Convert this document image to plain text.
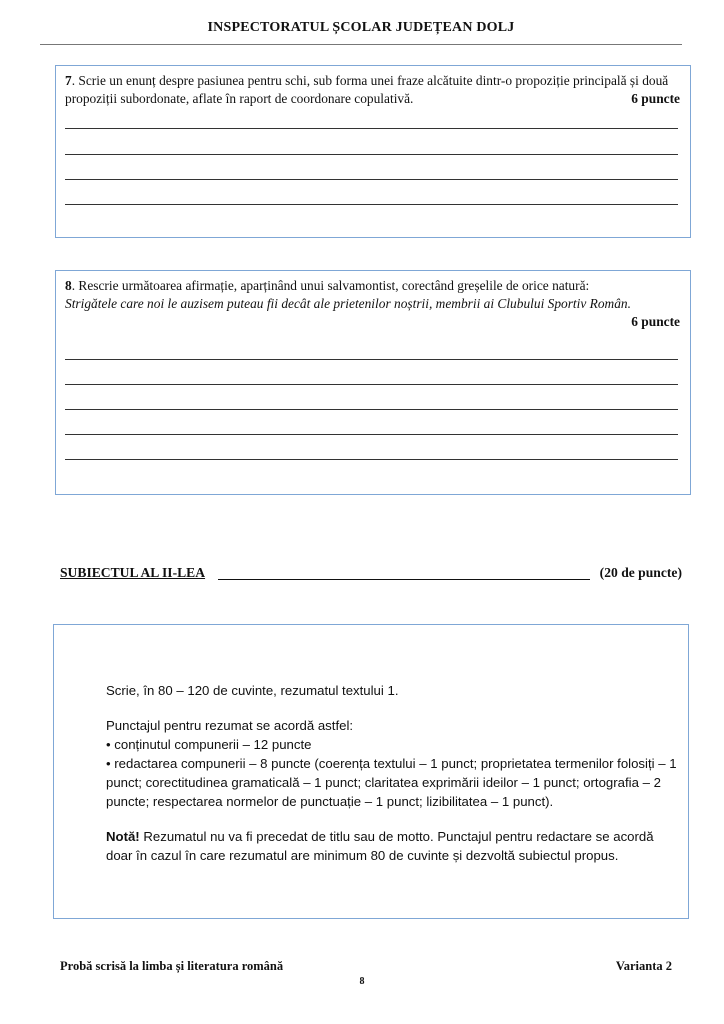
INSPECTORATUL ȘCOLAR JUDEȚEAN DOLJ
7. Scrie un enunț despre pasiunea pentru schi, sub forma unei fraze alcătuite dintr-o propoziție principală și două propoziții subordonate, aflate în raport de coordonare copulativă.	6 puncte
8. Rescrie următoarea afirmație, aparținând unui salvamontist, corectând greșelile de orice natură:
Strigătele care noi le auzisem puteau fii decât ale prietenilor noștrii, membrii ai Clubului Sportiv Român.

6 puncte
SUBIECTUL AL II-LEA	(20 de puncte)

Scrie, în 80 – 120 de cuvinte, rezumatul textului 1.

Punctajul pentru rezumat se acordă astfel:

• conținutul compunerii – 12 puncte

• redactarea compunerii – 8 puncte (coerența textului – 1 punct; proprietatea termenilor folosiți – 1 punct; corectitudinea gramaticală – 1 punct; claritatea exprimării ideilor – 1 punct; ortografia – 2 puncte; respectarea normelor de punctuație – 1 punct; lizibilitatea – 1 punct).

Notă! Rezumatul nu va fi precedat de titlu sau de motto. Punctajul pentru redactare se acordă doar în cazul în care rezumatul are minimum 80 de cuvinte și dezvoltă subiectul propus.

Probă scrisă la limba și literatura română	Varianta 2
8
